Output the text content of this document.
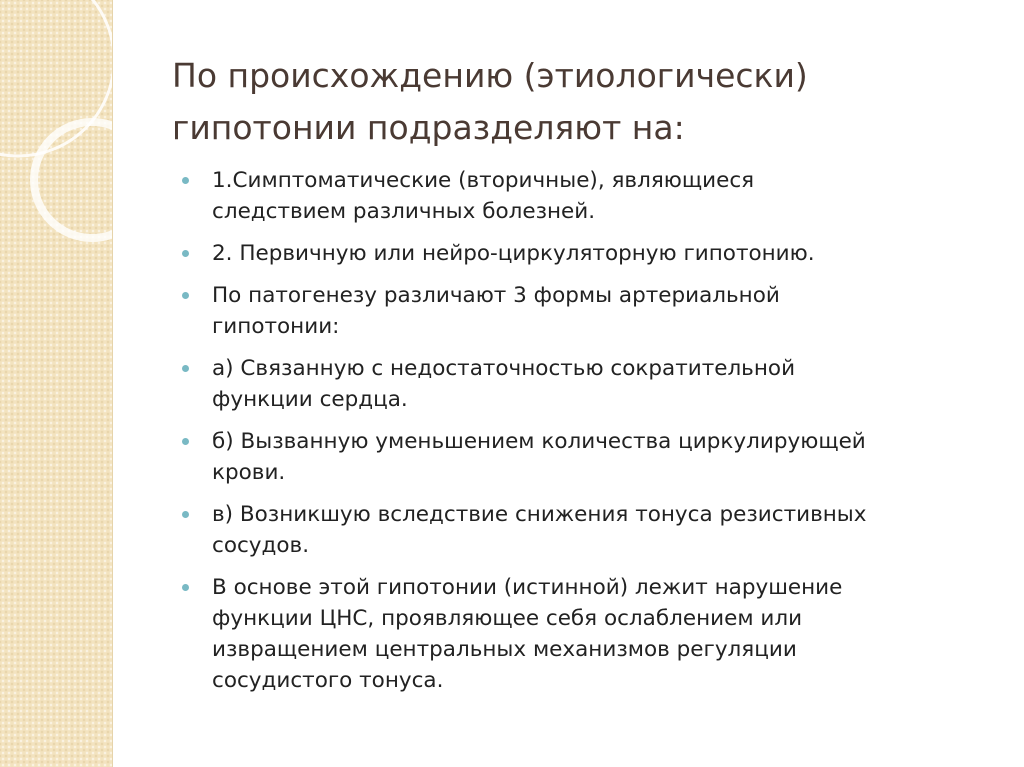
По происхождению (этиологически)
гипотонии подразделяют на:
1.Симптоматические (вторичные), являющиеся
следствием различных болезней.
2. Первичную или нейро-циркуляторную гипотонию.
По патогенезу различают 3 формы артериальной
гипотонии:
а) Связанную с недостаточностью сократительной
функции сердца.
б) Вызванную уменьшением количества циркулирующей
крови.
в) Возникшую вследствие снижения тонуса резистивных
сосудов.
В основе этой гипотонии (истинной) лежит нарушение
функции ЦНС, проявляющее себя ослаблением или
извращением центральных механизмов регуляции
сосудистого тонуса.
